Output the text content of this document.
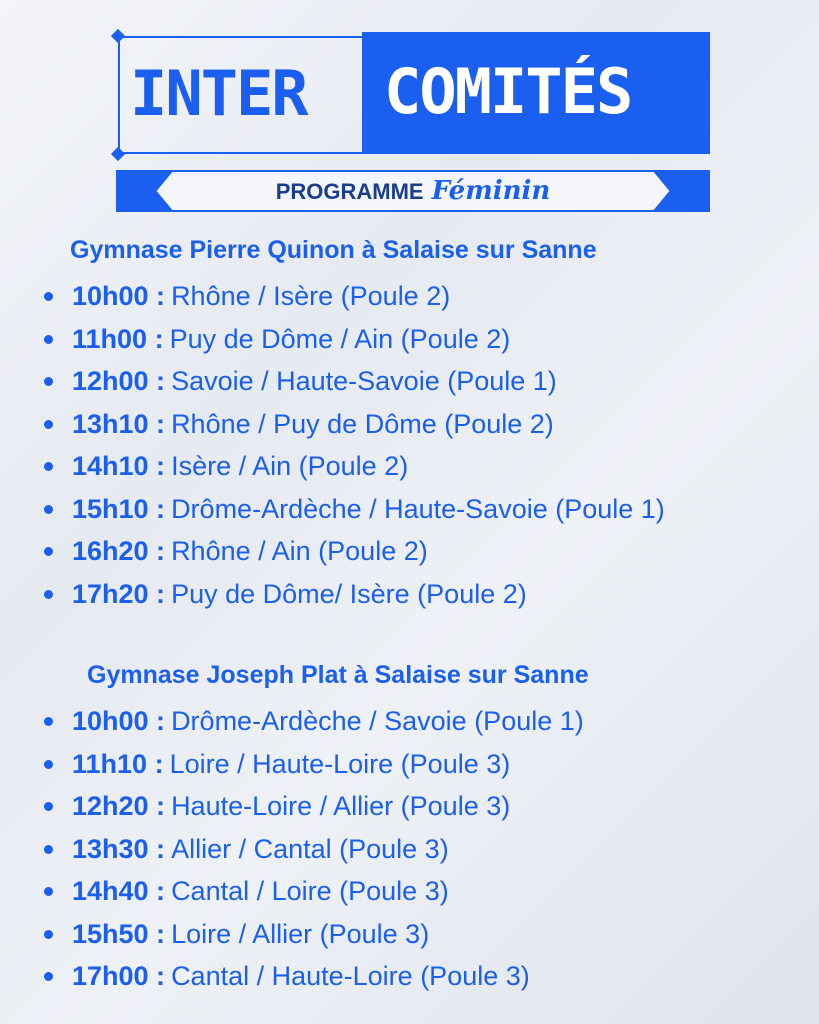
INTER COMITÉS
PROGRAMME Féminin
Gymnase Pierre Quinon à Salaise sur Sanne
10h00 : Rhône / Isère (Poule 2)
11h00 : Puy de Dôme / Ain (Poule 2)
12h00 : Savoie / Haute-Savoie (Poule 1)
13h10 : Rhône / Puy de Dôme (Poule 2)
14h10 : Isère / Ain (Poule 2)
15h10 : Drôme-Ardèche / Haute-Savoie (Poule 1)
16h20 : Rhône / Ain (Poule 2)
17h20 : Puy de Dôme/ Isère (Poule 2)
Gymnase Joseph Plat à Salaise sur Sanne
10h00 : Drôme-Ardèche / Savoie (Poule 1)
11h10 : Loire / Haute-Loire (Poule 3)
12h20 : Haute-Loire / Allier (Poule 3)
13h30 : Allier / Cantal (Poule 3)
14h40 : Cantal / Loire (Poule 3)
15h50 : Loire / Allier (Poule 3)
17h00 : Cantal / Haute-Loire (Poule 3)
